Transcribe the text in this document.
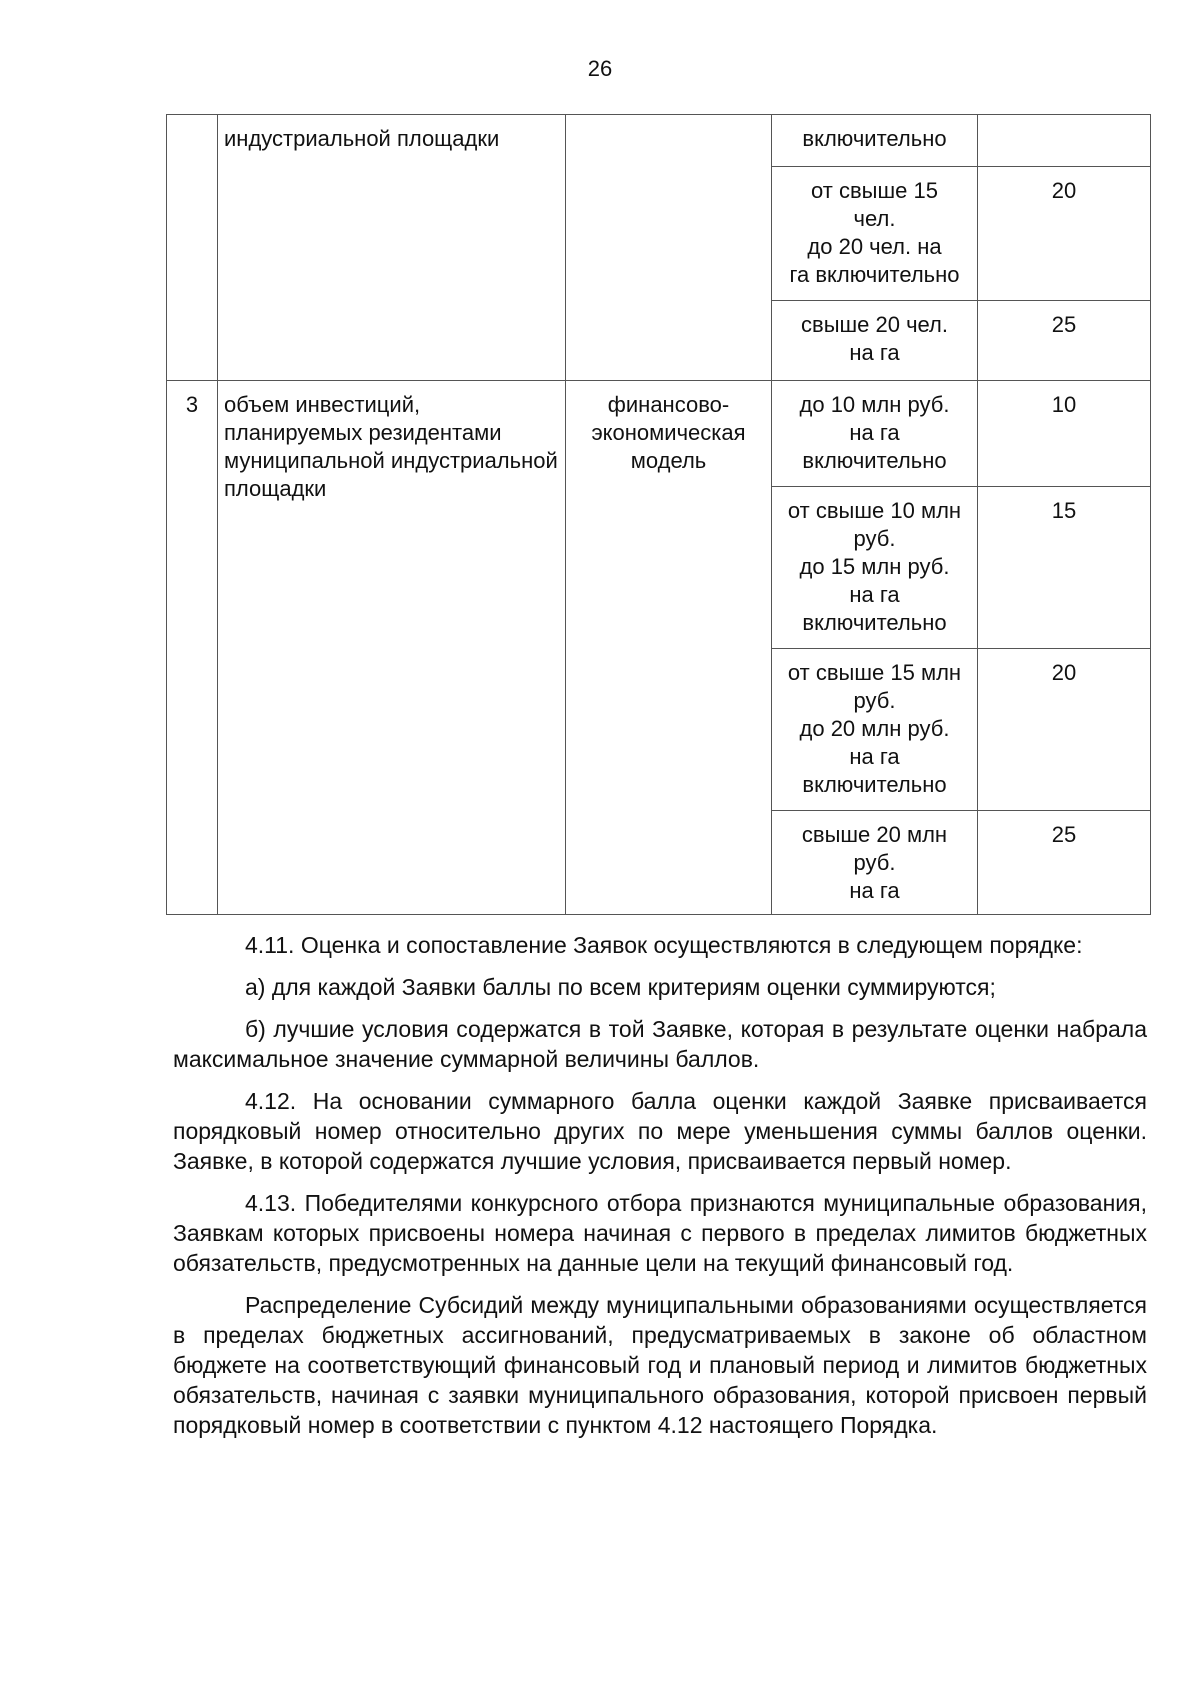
26
	индустриальной площадки		включительно	
			от свыше 15
чел.
до 20 чел. на
га включительно	20
			свыше 20 чел.
на га	25
3	объем инвестиций, планируемых резидентами муниципальной индустриальной площадки	финансово-
экономическая
модель	до 10 млн руб.
на га
включительно	10
			от свыше 10 млн
руб.
до 15 млн руб.
на га
включительно	15
			от свыше 15 млн
руб.
до 20 млн руб.
на га
включительно	20
			свыше 20 млн
руб.
на га	25

4.11. Оценка и сопоставление Заявок осуществляются в следующем порядке:

а) для каждой Заявки баллы по всем критериям оценки суммируются;

б) лучшие условия содержатся в той Заявке, которая в результате оценки набрала максимальное значение суммарной величины баллов.

4.12. На основании суммарного балла оценки каждой Заявке присваивается порядковый номер относительно других по мере уменьшения суммы баллов оценки. Заявке, в которой содержатся лучшие условия, присваивается первый номер.

4.13. Победителями конкурсного отбора признаются муниципальные образования, Заявкам которых присвоены номера начиная с первого в пределах лимитов бюджетных обязательств, предусмотренных на данные цели на текущий финансовый год.

Распределение Субсидий между муниципальными образованиями осуществляется в пределах бюджетных ассигнований, предусматриваемых в законе об областном бюджете на соответствующий финансовый год и плановый период и лимитов бюджетных обязательств, начиная с заявки муниципального образования, которой присвоен первый порядковый номер в соответствии с пунктом 4.12 настоящего Порядка.
